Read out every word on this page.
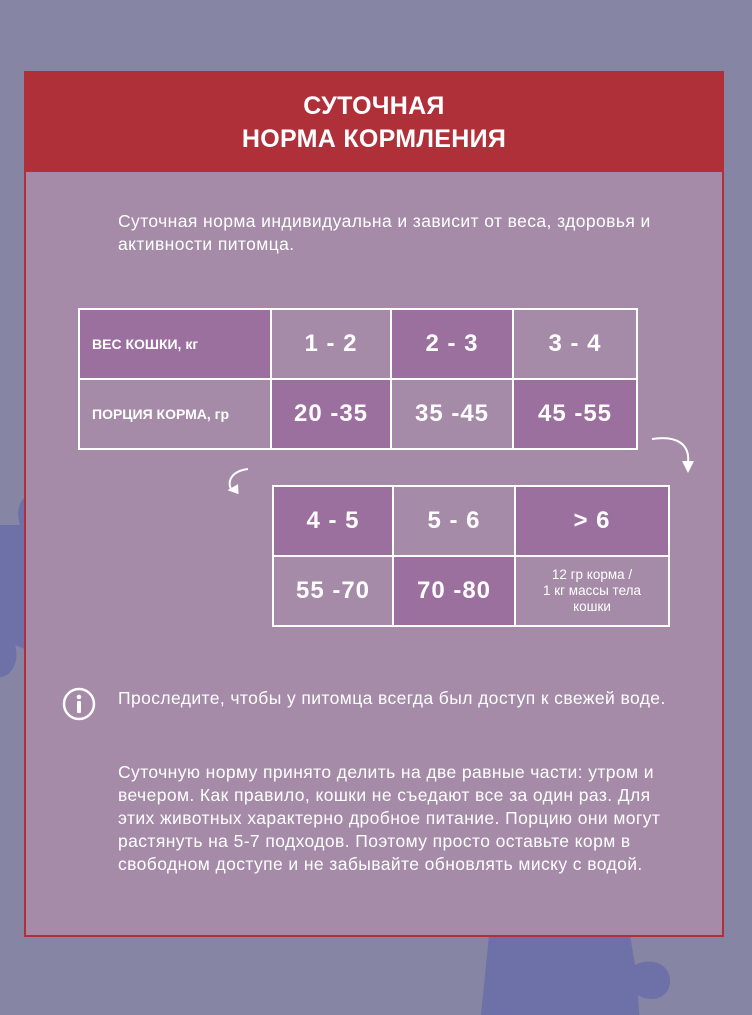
СУТОЧНАЯ
НОРМА КОРМЛЕНИЯ
Суточная норма индивидуальна и зависит от веса, здоровья и активности питомца.
ВЕС КОШКИ, кг	1 - 2	2 - 3	3 - 4
ПОРЦИЯ КОРМА, гр	20 -35	35 -45	45 -55
4 - 5	5 - 6	> 6
55 -70	70 -80	12 гр корма /
1 кг массы тела
кошки
Проследите, чтобы у питомца всегда был доступ к свежей воде.
Суточную норму принято делить на две равные части: утром и вечером. Как правило, кошки не съедают все за один раз. Для этих животных характерно дробное питание. Порцию они могут растянуть на 5-7 подходов. Поэтому просто оставьте корм в свободном доступе и не забывайте обновлять миску с водой.
